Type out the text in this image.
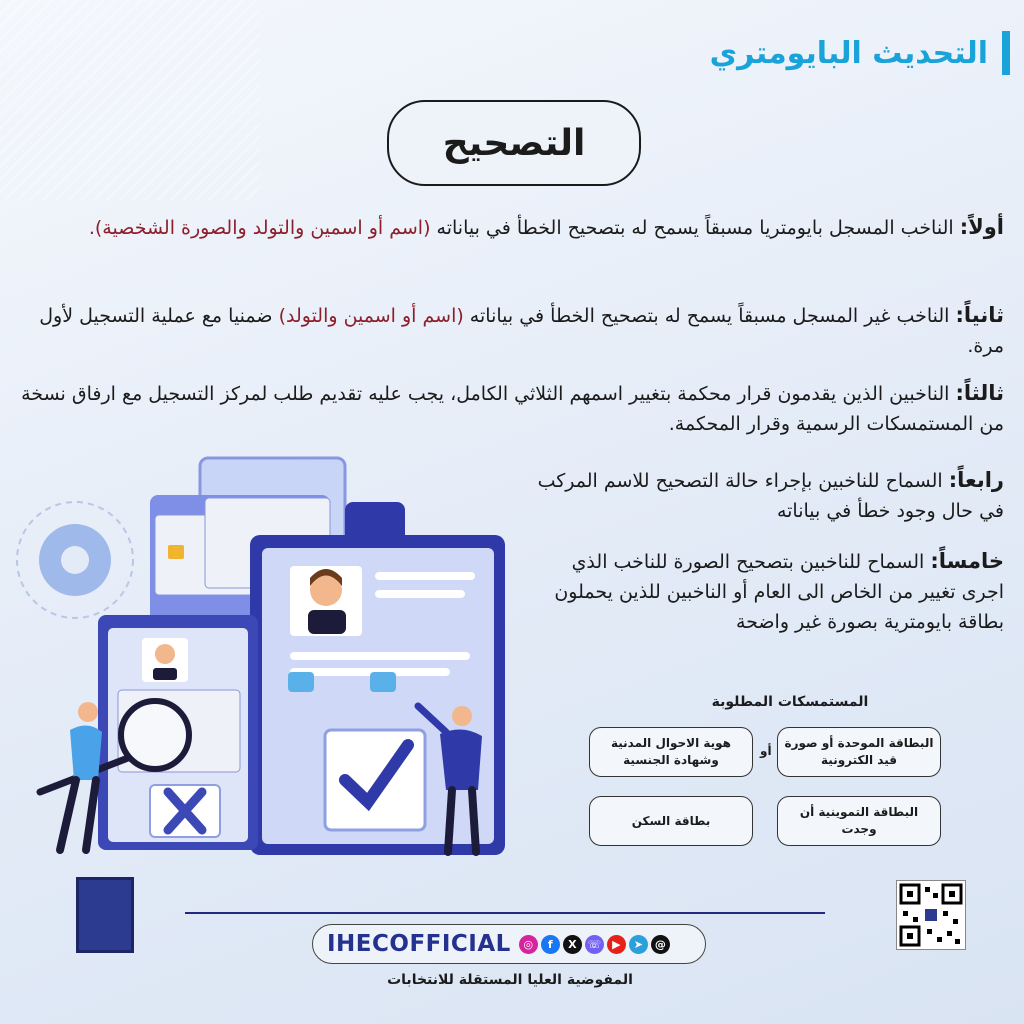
التحديث البايومتري
التصحيح

أولاً: الناخب المسجل بايومتريا مسبقاً يسمح له بتصحيح الخطأ في بياناته (اسم أو اسمين والتولد والصورة الشخصية).

ثانياً: الناخب غير المسجل مسبقاً يسمح له بتصحيح الخطأ في بياناته (اسم أو اسمين والتولد) ضمنيا مع عملية التسجيل لأول مرة.

ثالثاً: الناخبين الذين يقدمون قرار محكمة بتغيير اسمهم الثلاثي الكامل، يجب عليه تقديم طلب لمركز التسجيل مع ارفاق نسخة من المستمسكات الرسمية وقرار المحكمة.

رابعاً: السماح للناخبين بإجراء حالة التصحيح للاسم المركب في حال وجود خطأ في بياناته

خامساً: السماح للناخبين بتصحيح الصورة للناخب الذي اجرى تغيير من الخاص الى العام أو الناخبين للذين يحملون بطاقة بايومترية بصورة غير واضحة

المستمسكات المطلوبة
البطاقة الموحدة أو صورة قيد الكترونية
أو
هوية الاحوال المدنية وشهادة الجنسية
البطاقة التموينية أن وجدت
بطاقة السكن
IHECOFFICIAL	◎	f	X ☏ ▶	➤	@
المفوضية العليا المستقلة للانتخابات
